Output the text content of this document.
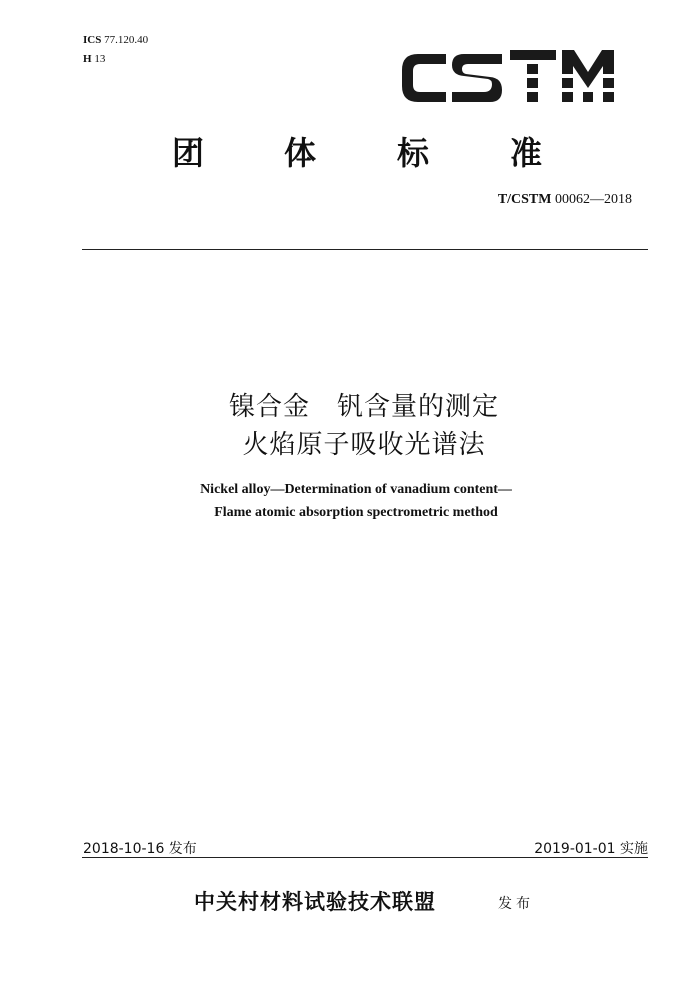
ICS 77.120.40
H 13
团 体	标	准
T/CSTM 00062—2018
镍合金　钒含量的测定
火焰原子吸收光谱法
Nickel alloy—Determination of vanadium content—
Flame atomic absorption spectrometric method
2018-10-16 发布	2019-01-01 实施
中关村材料试验技术联盟	发布
